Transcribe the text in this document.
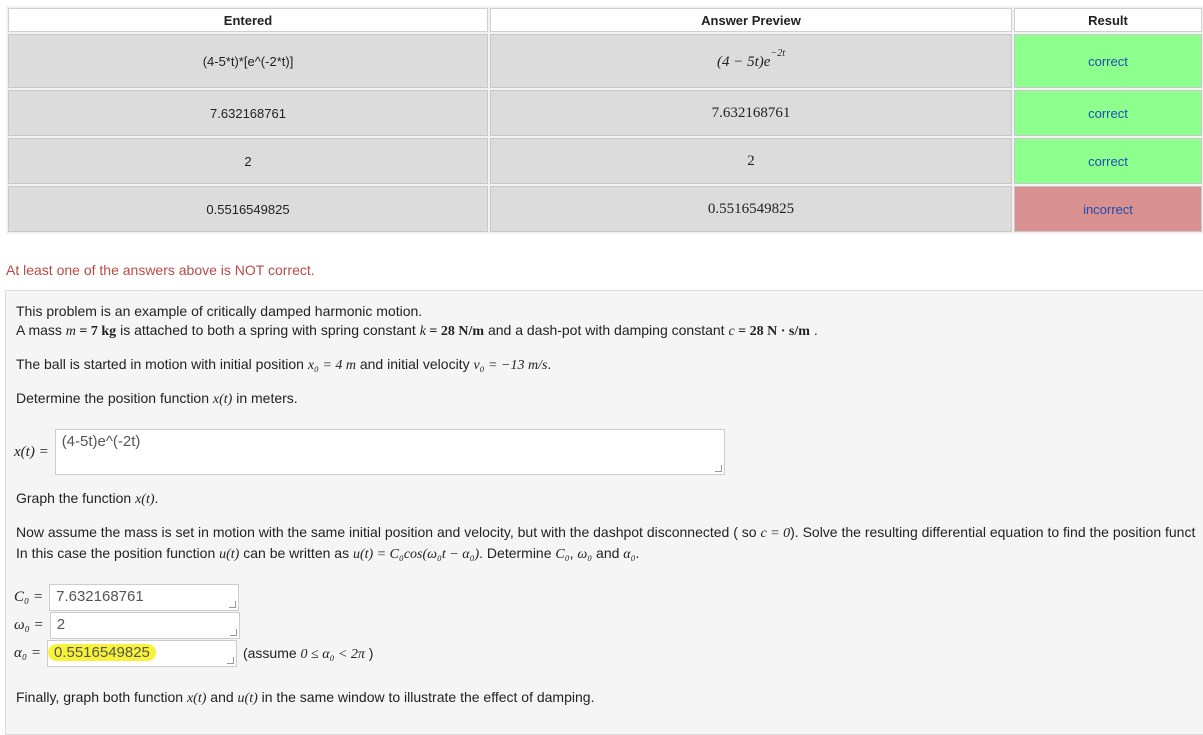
Entered	Answer Preview	Result
(4-5*t)*[e^(-2*t)]	$(4 - 5t)e^{-2t}$	correct
7.632168761	7.632168761	correct
2	2	correct
0.5516549825	0.5516549825	incorrect
At least one of the answers above is NOT correct.
This problem is an example of critically damped harmonic motion.
A mass m = 7 kg is attached to both a spring with spring constant k = 28 N/m and a dash-pot with damping constant c = 28 N · s/m .
The ball is started in motion with initial position x₀ = 4 m and initial velocity v₀ = −13 m/s.
Determine the position function x(t) in meters.
x(t) =
(4-5t)e^(-2t)
Graph the function x(t).
Now assume the mass is set in motion with the same initial position and velocity, but with the dashpot disconnected ( so c = 0). Solve the resulting differential equation to find the position funct
In this case the position function u(t) can be written as u(t) = C₀cos(ω₀t − α₀). Determine C₀, ω₀ and α₀.
C₀ = 7.632168761
ω₀ = 2
α₀ = 0.5516549825	(assume 0 ≤ α₀ < 2π )
Finally, graph both function x(t) and u(t) in the same window to illustrate the effect of damping.
